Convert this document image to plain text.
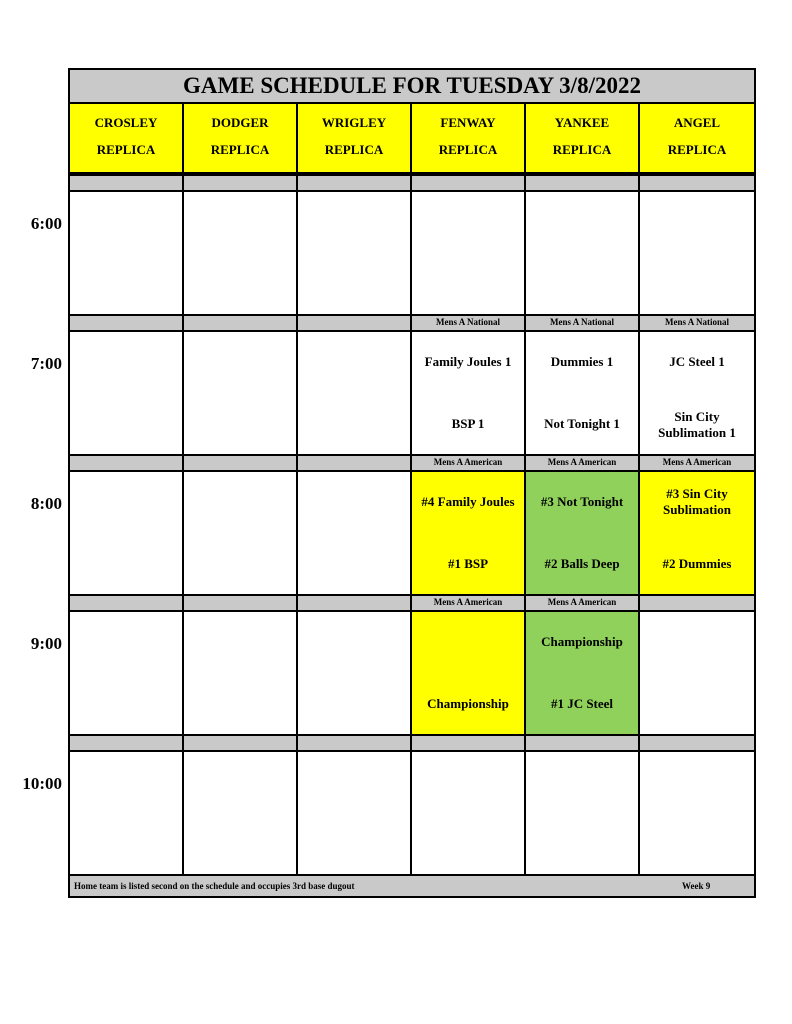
GAME SCHEDULE FOR TUESDAY 3/8/2022
CROSLEY
REPLICA
DODGER
REPLICA
WRIGLEY
REPLICA
FENWAY
REPLICA
YANKEE
REPLICA
ANGEL
REPLICA
Mens A National
Family Joules 1
BSP 1
Mens A National
Dummies 1
Not Tonight 1
Mens A National
JC Steel 1
Sin City Sublimation 1
Mens A American
#4 Family Joules
#1 BSP
Mens A American
#3 Not Tonight
#2 Balls Deep
Mens A American
#3 Sin City Sublimation
#2 Dummies
Mens A American
Championship
Mens A American
Championship
#1 JC Steel
Home team is listed second on the schedule and occupies 3rd base dugout	Week 9
6:00
7:00
8:00
9:00
10:00
